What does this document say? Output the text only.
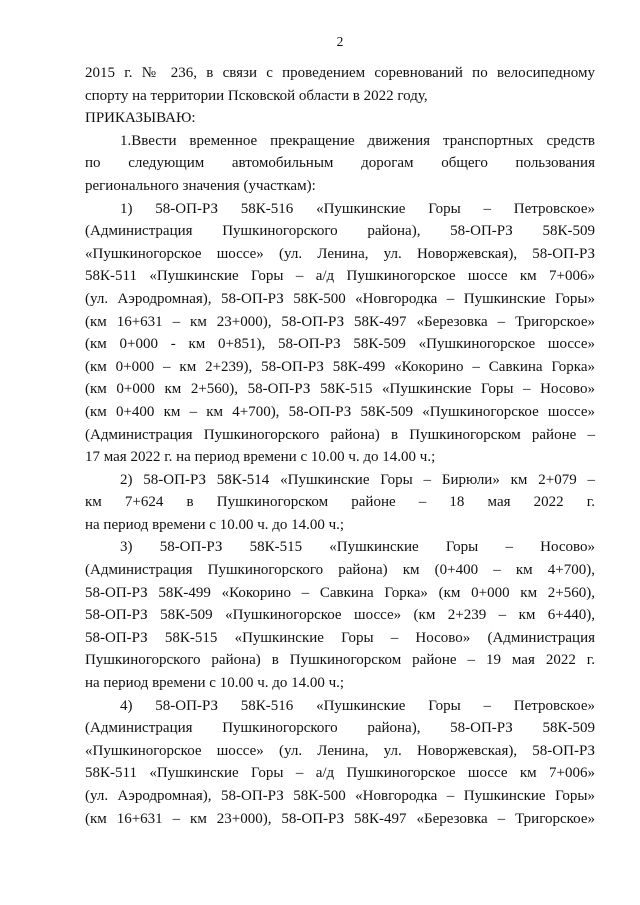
2
2015 г. № 236, в связи с проведением соревнований по велосипедному
спорту на территории Псковской области в 2022 году,
ПРИКАЗЫВАЮ:
1.Ввести временное прекращение движения транспортных средств
по следующим автомобильным дорогам общего пользования
регионального значения (участкам):
1) 58-ОП-РЗ 58К-516 «Пушкинские Горы – Петровское»
(Администрация Пушкиногорского района), 58-ОП-РЗ 58К-509
«Пушкиногорское шоссе» (ул. Ленина, ул. Новоржевская), 58-ОП-РЗ
58К-511 «Пушкинские Горы – а/д Пушкиногорское шоссе км 7+006»
(ул. Аэродромная), 58-ОП-РЗ 58К-500 «Новгородка – Пушкинские Горы»
(км 16+631 – км 23+000), 58-ОП-РЗ 58К-497 «Березовка – Тригорское»
(км 0+000 - км 0+851), 58-ОП-РЗ 58К-509 «Пушкиногорское шоссе»
(км 0+000 – км 2+239), 58-ОП-РЗ 58К-499 «Кокорино – Савкина Горка»
(км 0+000 км 2+560), 58-ОП-РЗ 58К-515 «Пушкинские Горы – Носово»
(км 0+400 км – км 4+700), 58-ОП-РЗ 58К-509 «Пушкиногорское шоссе»
(Администрация Пушкиногорского района) в Пушкиногорском районе –
17 мая 2022 г. на период времени с 10.00 ч. до 14.00 ч.;
2) 58-ОП-РЗ 58К-514 «Пушкинские Горы – Бирюли» км 2+079 –
км 7+624 в Пушкиногорском районе – 18 мая 2022 г.
на период времени с 10.00 ч. до 14.00 ч.;
3) 58-ОП-РЗ 58К-515 «Пушкинские Горы – Носово»
(Администрация Пушкиногорского района) км (0+400 – км 4+700),
58-ОП-РЗ 58К-499 «Кокорино – Савкина Горка» (км 0+000 км 2+560),
58-ОП-РЗ 58К-509 «Пушкиногорское шоссе» (км 2+239 – км 6+440),
58-ОП-РЗ 58К-515 «Пушкинские Горы – Носово» (Администрация
Пушкиногорского района) в Пушкиногорском районе – 19 мая 2022 г.
на период времени с 10.00 ч. до 14.00 ч.;
4) 58-ОП-РЗ 58К-516 «Пушкинские Горы – Петровское»
(Администрация Пушкиногорского района), 58-ОП-РЗ 58К-509
«Пушкиногорское шоссе» (ул. Ленина, ул. Новоржевская), 58-ОП-РЗ
58К-511 «Пушкинские Горы – а/д Пушкиногорское шоссе км 7+006»
(ул. Аэродромная), 58-ОП-РЗ 58К-500 «Новгородка – Пушкинские Горы»
(км 16+631 – км 23+000), 58-ОП-РЗ 58К-497 «Березовка – Тригорское»
